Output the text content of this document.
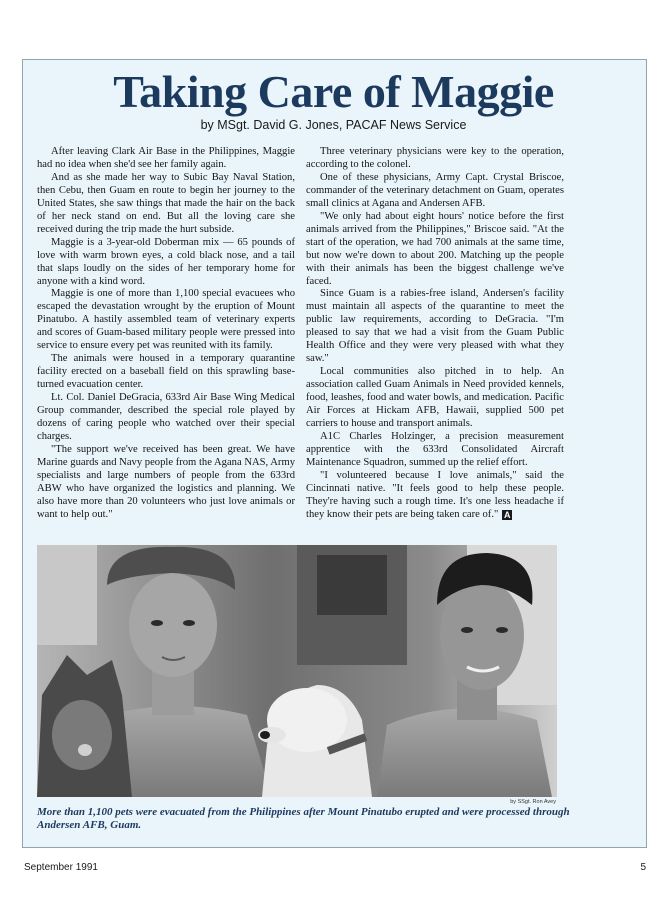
Taking Care of Maggie
by MSgt. David G. Jones, PACAF News Service

After leaving Clark Air Base in the Philippines, Maggie had no idea when she'd see her family again.

And as she made her way to Subic Bay Naval Station, then Cebu, then Guam en route to begin her journey to the United States, she saw things that made the hair on the back of her neck stand on end. But all the loving care she received during the trip made the hurt subside.

Maggie is a 3-year-old Doberman mix — 65 pounds of love with warm brown eyes, a cold black nose, and a tail that slaps loudly on the sides of her temporary home for anyone with a kind word.

Maggie is one of more than 1,100 special evacuees who escaped the devastation wrought by the eruption of Mount Pinatubo. A hastily assembled team of veterinary experts and scores of Guam-based military people were pressed into service to ensure every pet was reunited with its family.

The animals were housed in a temporary quarantine facility erected on a baseball field on this sprawling base-turned evacuation center.

Lt. Col. Daniel DeGracia, 633rd Air Base Wing Medical Group commander, described the special role played by dozens of caring people who watched over their special charges.

"The support we've received has been great. We have Marine guards and Navy people from the Agana NAS, Army specialists and large numbers of people from the 633rd ABW who have organized the logistics and planning. We also have more than 20 volunteers who just love animals or want to help out."

Three veterinary physicians were key to the operation, according to the colonel.

One of these physicians, Army Capt. Crystal Briscoe, commander of the veterinary detachment on Guam, operates small clinics at Agana and Andersen AFB.

"We only had about eight hours' notice before the first animals arrived from the Philippines," Briscoe said. "At the start of the operation, we had 700 animals at the same time, but now we're down to about 200. Matching up the people with their animals has been the biggest challenge we've faced.

Since Guam is a rabies-free island, Andersen's facility must maintain all aspects of the quarantine to meet the public law requirements, according to DeGracia. "I'm pleased to say that we had a visit from the Guam Public Health Office and they were very pleased with what they saw."

Local communities also pitched in to help. An association called Guam Animals in Need provided kennels, food, leashes, food and water bowls, and medication. Pacific Air Forces at Hickam AFB, Hawaii, supplied 500 pet carriers to house and transport animals.

A1C Charles Holzinger, a precision measurement apprentice with the 633rd Consolidated Aircraft Maintenance Squadron, summed up the relief effort.

"I volunteered because I love animals," said the Cincinnati native. "It feels good to help these people. They're having such a rough time. It's one less headache if they know their pets are being taken care of." A

by SSgt. Ron Avey
More than 1,100 pets were evacuated from the Philippines after Mount Pinatubo erupted and were processed through Andersen AFB, Guam.
September 1991	5
